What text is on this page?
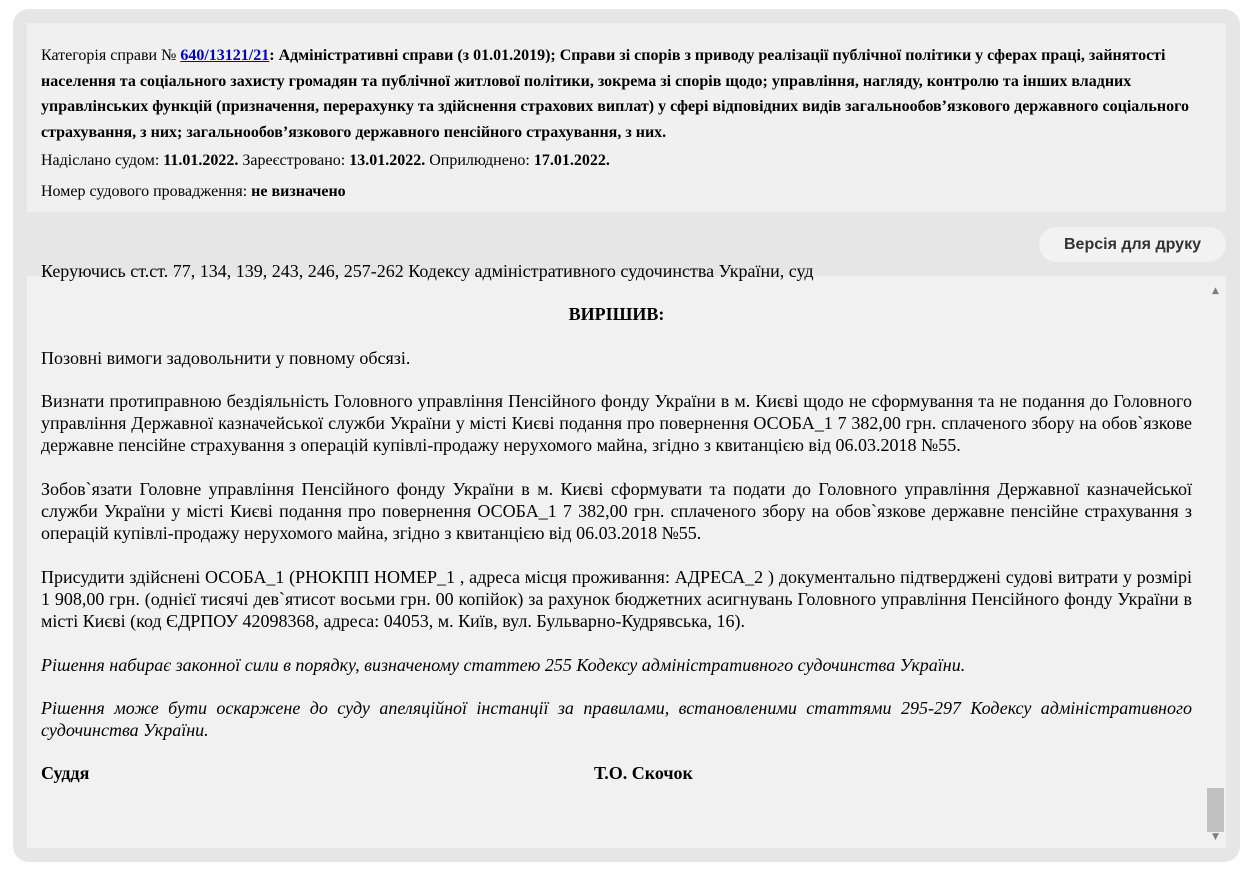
Категорія справи № 640/13121/21: Адміністративні справи (з 01.01.2019); Справи зі спорів з приводу реалізації публічної політики у сферах праці, зайнятості населення та соціального захисту громадян та публічної житлової політики, зокрема зі спорів щодо; управління, нагляду, контролю та інших владних управлінських функцій (призначення, перерахунку та здійснення страхових виплат) у сфері відповідних видів загальнообов’язкового державного соціального страхування, з них; загальнообов’язкового державного пенсійного страхування, з них.

Надіслано судом: 11.01.2022. Зареєстровано: 13.01.2022. Оприлюднено: 17.01.2022.

Номер судового провадження: не визначено

Версія для друку

Керуючись ст.ст. 77, 134, 139, 243, 246, 257-262 Кодексу адміністративного судочинства України, суд

ВИРІШИВ:

Позовні вимоги задовольнити у повному обсязі.

Визнати протиправною бездіяльність Головного управління Пенсійного фонду України в м. Києві щодо не сформування та не подання до Головного управління Державної казначейської служби України у місті Києві подання про повернення ОСОБА_1 7 382,00 грн. сплаченого збору на обов`язкове державне пенсійне страхування з операцій купівлі-продажу нерухомого майна, згідно з квитанцією від 06.03.2018 №55.

Зобов`язати Головне управління Пенсійного фонду України в м. Києві сформувати та подати до Головного управління Державної казначейської служби України у місті Києві подання про повернення ОСОБА_1 7 382,00 грн. сплаченого збору на обов`язкове державне пенсійне страхування з операцій купівлі-продажу нерухомого майна, згідно з квитанцією від 06.03.2018 №55.

Присудити здійснені ОСОБА_1 (РНОКПП НОМЕР_1 , адреса місця проживання: АДРЕСА_2 ) документально підтверджені судові витрати у розмірі 1 908,00 грн. (однієї тисячі дев`ятисот восьми грн. 00 копійок) за рахунок бюджетних асигнувань Головного управління Пенсійного фонду України в місті Києві (код ЄДРПОУ 42098368, адреса: 04053, м. Київ, вул. Бульварно-Кудрявська, 16).

Рішення набирає законної сили в порядку, визначеному статтею 255 Кодексу адміністративного судочинства України.

Рішення може бути оскаржене до суду апеляційної інстанції за правилами, встановленими статтями 295-297 Кодексу адміністративного судочинства України.

Суддя	Т.О. Скочок
▲
▼
